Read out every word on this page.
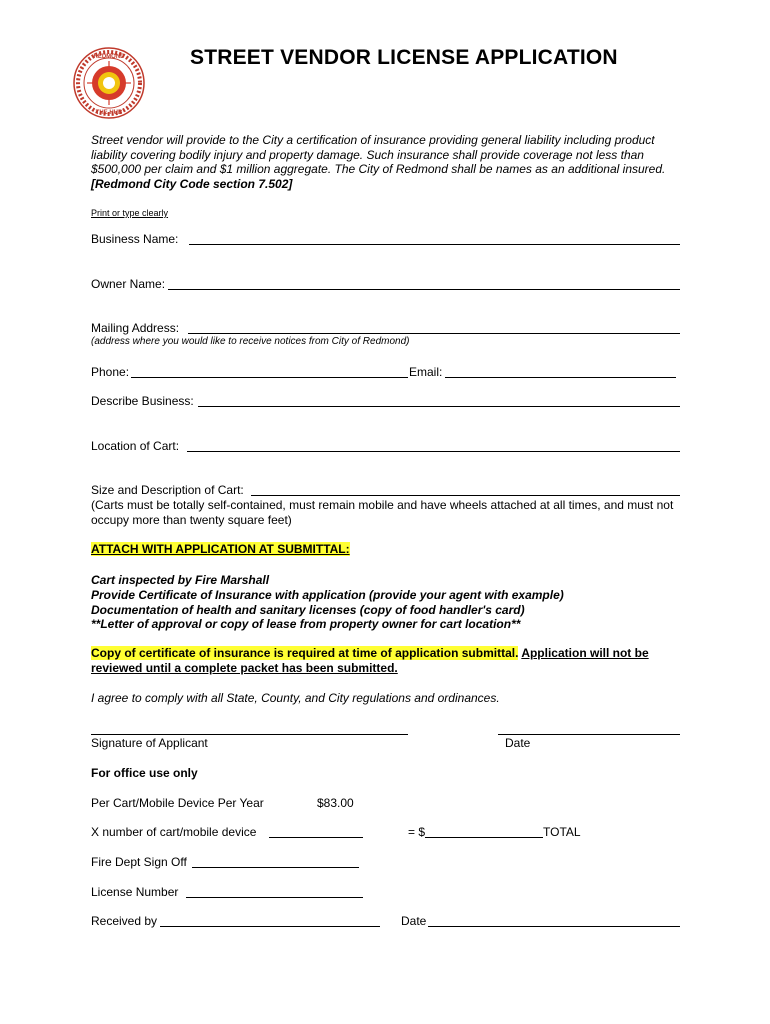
REDMOND
THE HUB
STREET VENDOR LICENSE APPLICATION
Street vendor will provide to the City a certification of insurance providing general liability including product liability covering bodily injury and property damage. Such insurance shall provide coverage not less than $500,000 per claim and $1 million aggregate. The City of Redmond shall be names as an additional insured. [Redmond City Code section 7.502]
Print or type clearly
Business Name:
Owner Name:
Mailing Address:
(address where you would like to receive notices from City of Redmond)
Phone:	Email:
Describe Business:
Location of Cart:
Size and Description of Cart:
(Carts must be totally self-contained, must remain mobile and have wheels attached at all times, and must not occupy more than twenty square feet)
ATTACH WITH APPLICATION AT SUBMITTAL:
Cart inspected by Fire Marshall
Provide Certificate of Insurance with application (provide your agent with example)
Documentation of health and sanitary licenses (copy of food handler's card)
**Letter of approval or copy of lease from property owner for cart location**
Copy of certificate of insurance is required at time of application submittal. Application will not be reviewed until a complete packet has been submitted.
I agree to comply with all State, County, and City regulations and ordinances.
Signature of Applicant	Date
For office use only
Per Cart/Mobile Device Per Year	$83.00
X number of cart/mobile device	= $	TOTAL
Fire Dept Sign Off
License Number
Received by	Date
